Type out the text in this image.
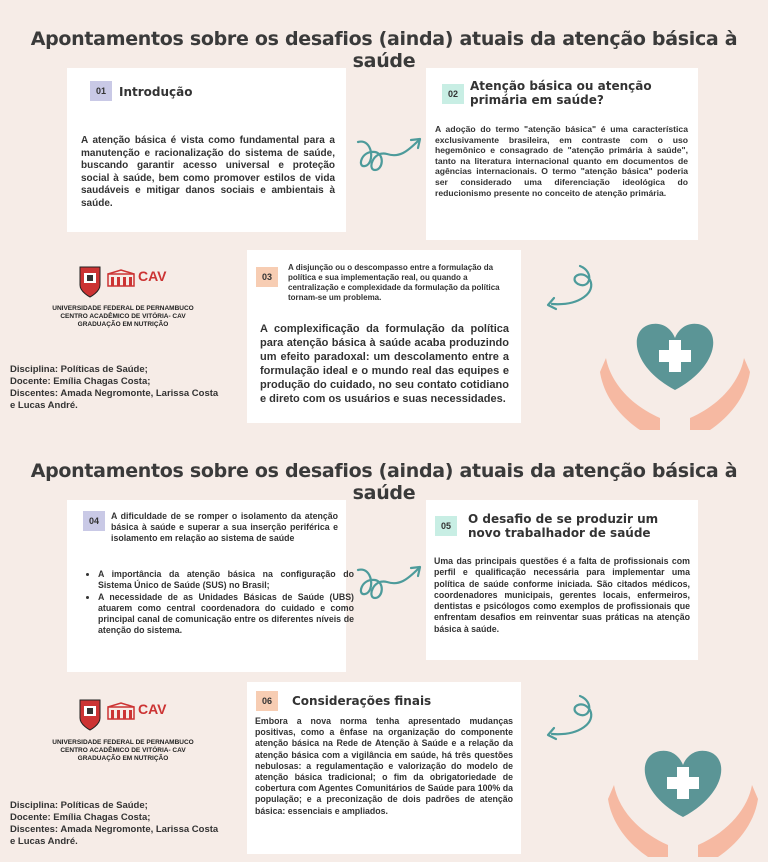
Apontamentos sobre os desafios (ainda) atuais da atenção básica à saúde
01	Introdução
A atenção básica é vista como fundamental para a manutenção e racionalização do sistema de saúde, buscando garantir acesso universal e proteção social à saúde, bem como promover estilos de vida saudáveis e mitigar danos sociais e ambientais à saúde.
02
Atenção básica ou atenção primária em saúde?
A adoção do termo "atenção básica" é uma característica exclusivamente brasileira, em contraste com o uso hegemônico e consagrado de "atenção primária à saúde", tanto na literatura internacional quanto em documentos de agências internacionais. O termo "atenção básica" poderia ser considerado uma diferenciação ideológica do reducionismo presente no conceito de atenção primária.
03
A disjunção ou o descompasso entre a formulação da política e sua implementação real, ou quando a centralização e complexidade da formulação da política tornam-se um problema.
A complexificação da formulação da política para atenção básica à saúde acaba produzindo um efeito paradoxal: um descolamento entre a formulação ideal e o mundo real das equipes e produção do cuidado, no seu contato cotidiano e direto com os usuários e suas necessidades.
CAV
UNIVERSIDADE FEDERAL DE PERNAMBUCO
CENTRO ACADÊMICO DE VITÓRIA- CAV
GRADUAÇÃO EM NUTRIÇÃO
Disciplina: Políticas de Saúde;
Docente: Emília Chagas Costa;
Discentes: Amada Negromonte, Larissa Costa
e Lucas André.
Apontamentos sobre os desafios (ainda) atuais da atenção básica à saúde
04	A dificuldade de se romper o isolamento da atenção básica à saúde e superar a sua inserção periférica e isolamento em relação ao sistema de saúde
• A importância da atenção básica na configuração do Sistema Único de Saúde (SUS) no Brasil;
• A necessidade de as Unidades Básicas de Saúde (UBS) atuarem como central coordenadora do cuidado e como principal canal de comunicação entre os diferentes níveis de atenção do sistema.
05	O desafio de se produzir um novo trabalhador de saúde
Uma das principais questões é a falta de profissionais com perfil e qualificação necessária para implementar uma política de saúde conforme iniciada. São citados médicos, coordenadores municipais, gerentes locais, enfermeiros, dentistas e psicólogos como exemplos de profissionais que enfrentam desafios em reinventar suas práticas na atenção básica à saúde.
06	Considerações finais
Embora a nova norma tenha apresentado mudanças positivas, como a ênfase na organização do componente atenção básica na Rede de Atenção à Saúde e a relação da atenção básica com a vigilância em saúde, há três questões nebulosas: a regulamentação e valorização do modelo de atenção básica tradicional; o fim da obrigatoriedade de cobertura com Agentes Comunitários de Saúde para 100% da população; e a preconização de dois padrões de atenção básica: essenciais e ampliados.
CAV
UNIVERSIDADE FEDERAL DE PERNAMBUCO
CENTRO ACADÊMICO DE VITÓRIA- CAV
GRADUAÇÃO EM NUTRIÇÃO
Disciplina: Políticas de Saúde;
Docente: Emília Chagas Costa;
Discentes: Amada Negromonte, Larissa Costa
e Lucas André.
